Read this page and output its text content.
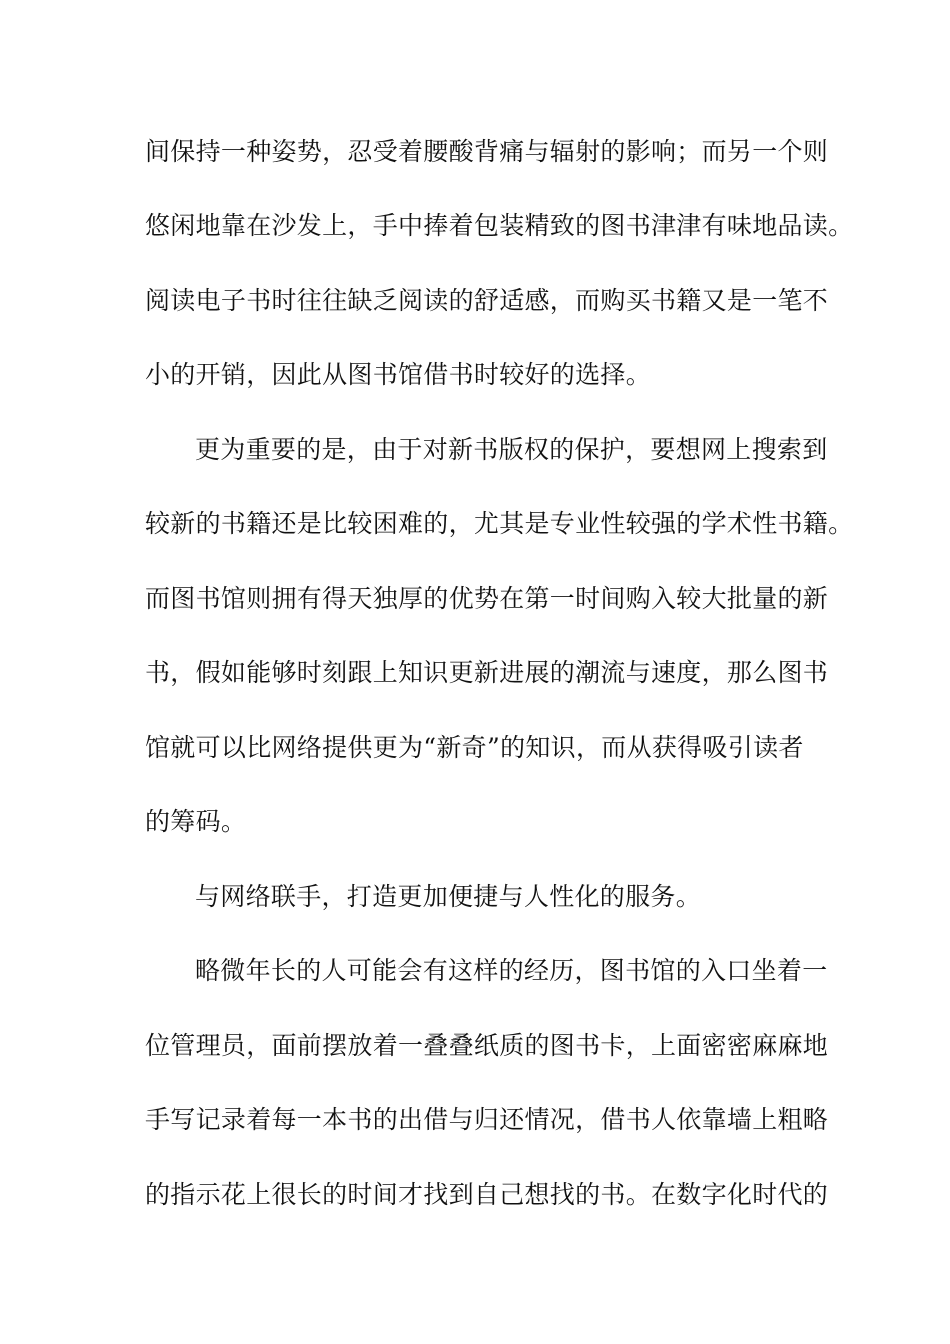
间保持一种姿势，忍受着腰酸背痛与辐射的影响；而另一个则
悠闲地靠在沙发上，手中捧着包装精致的图书津津有味地品读。
阅读电子书时往往缺乏阅读的舒适感，而购买书籍又是一笔不
小的开销，因此从图书馆借书时较好的选择。
更为重要的是，由于对新书版权的保护，要想网上搜索到
较新的书籍还是比较困难的，尤其是专业性较强的学术性书籍。
而图书馆则拥有得天独厚的优势在第一时间购入较大批量的新
书，假如能够时刻跟上知识更新进展的潮流与速度，那么图书
馆就可以比网络提供更为“新奇”的知识，而从获得吸引读者
的筹码。
与网络联手，打造更加便捷与人性化的服务。
略微年长的人可能会有这样的经历，图书馆的入口坐着一
位管理员，面前摆放着一叠叠纸质的图书卡，上面密密麻麻地
手写记录着每一本书的出借与归还情况，借书人依靠墙上粗略
的指示花上很长的时间才找到自己想找的书。在数字化时代的
